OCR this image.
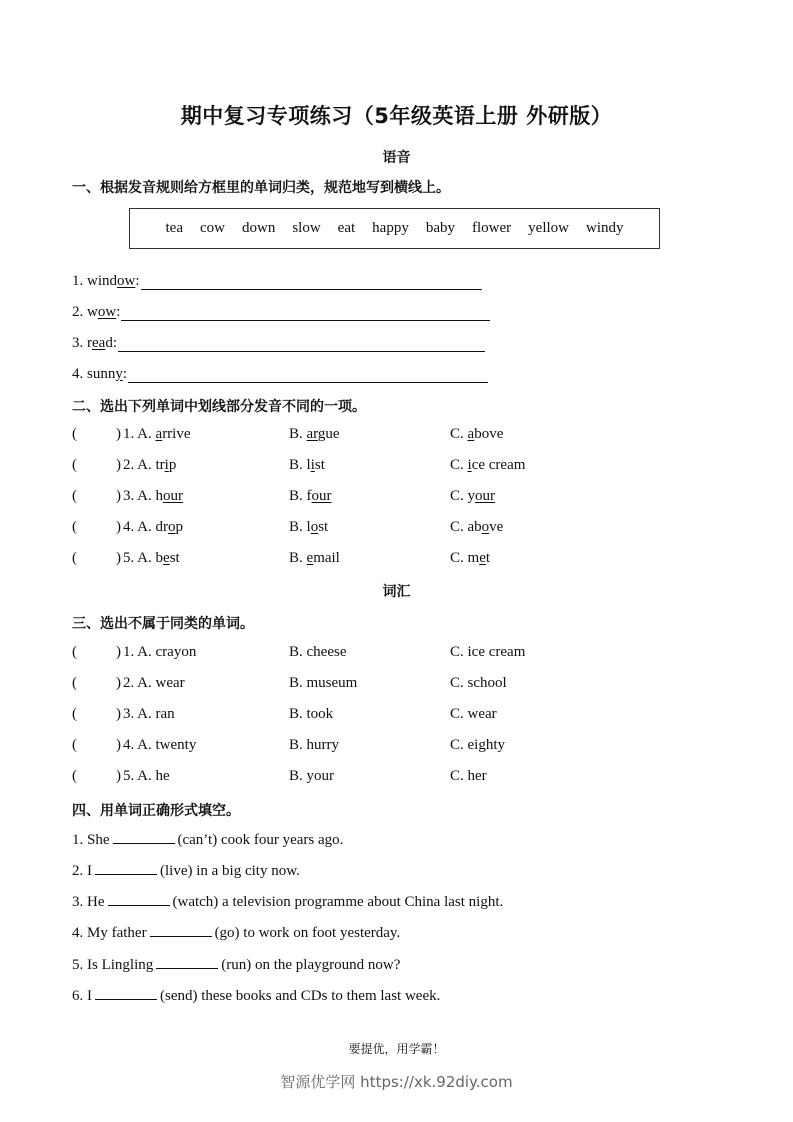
期中复习专项练习（5年级英语上册 外研版）
语音
一、根据发音规则给方框里的单词归类，规范地写到横线上。
tea cow down slow eat happy baby flower yellow windy
1. wind ow :
2. w ow :
3. r ea d:
4. sunn y :
二、选出下列单词中划线部分发音不同的一项。
(	) 1. A. arrive	B. argue	C. above
(	) 2. A. trip	B. list	C. ice cream
(	) 3. A. hour	B. four	C. your
(	) 4. A. drop	B. lost	C. above
(	) 5. A. best	B. email	C. met
词汇
三、选出不属于同类的单词。
(	) 1. A. crayon	B. cheese	C. ice cream
(	) 2. A. wear	B. museum	C. school
(	) 3. A. ran	B. took	C. wear
(	) 4. A. twenty	B. hurry	C. eighty
(	) 5. A. he	B. your	C. her
四、用单词正确形式填空。
1. She	(can’t) cook four years ago.
2. I	(live) in a big city now.
3. He	(watch) a television programme about China last night.
4. My father	(go) to work on foot yesterday.
5. Is Lingling	(run) on the playground now?
6. I	(send) these books and CDs to them last week.
要提优，用学霸！
智源优学网 https://xk.92diy.com
